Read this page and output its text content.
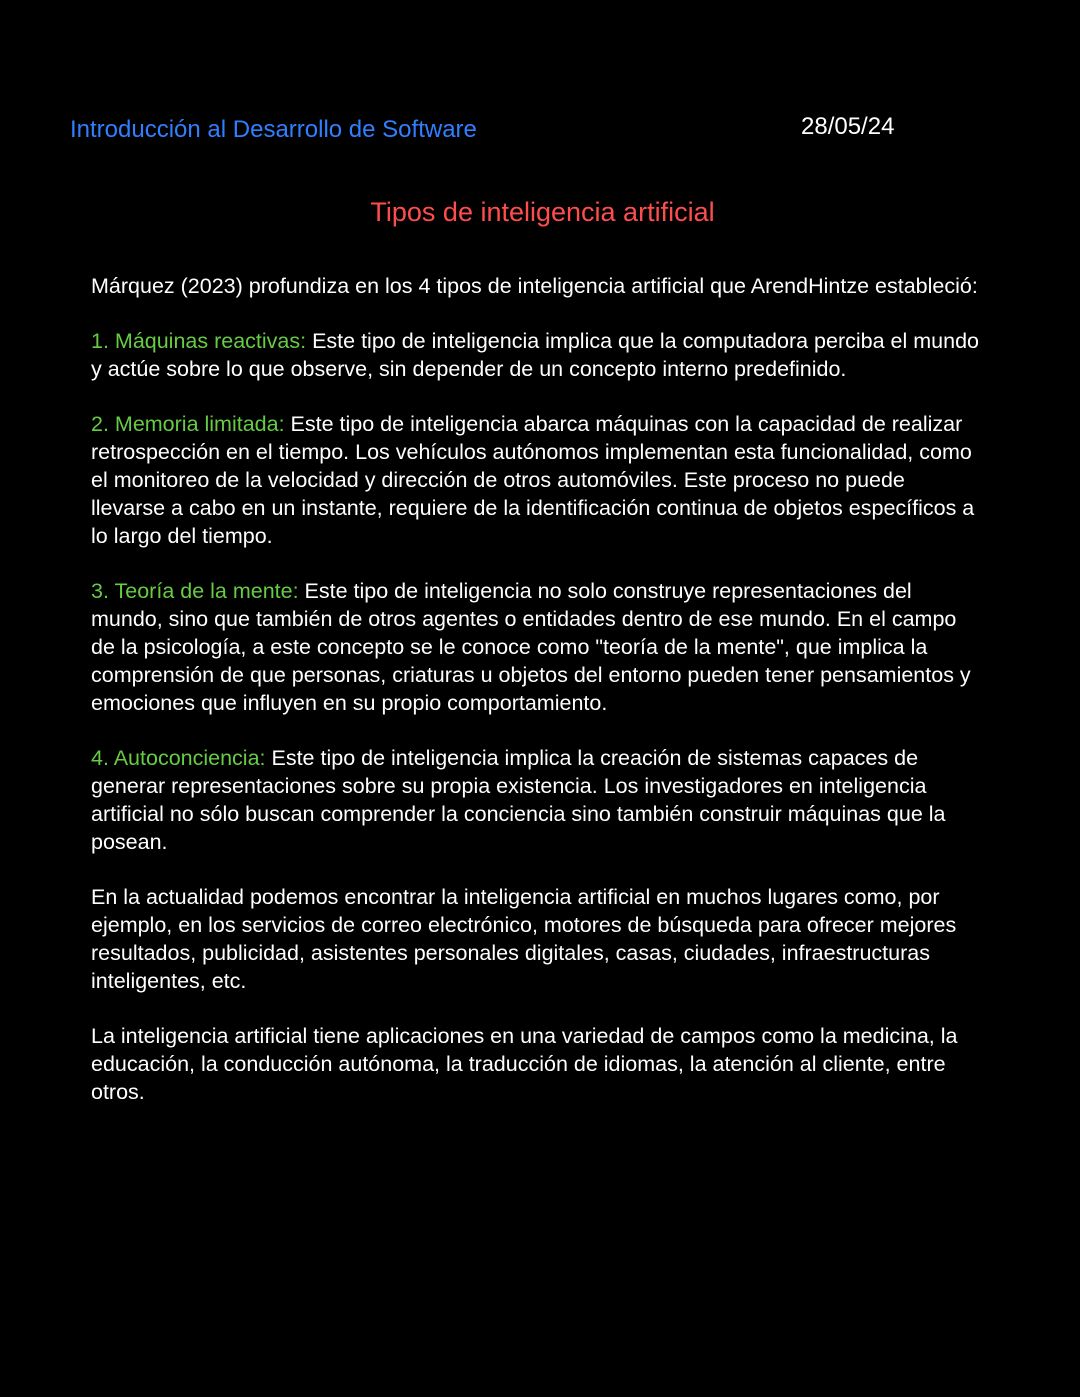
Introducción al Desarrollo de Software	28/05/24
Tipos de inteligencia artificial

Márquez (2023) profundiza en los 4 tipos de inteligencia artificial que ArendHintze estableció:

1. Máquinas reactivas: Este tipo de inteligencia implica que la computadora perciba el mundo y actúe sobre lo que observe, sin depender de un concepto interno predefinido.

2. Memoria limitada: Este tipo de inteligencia abarca máquinas con la capacidad de realizar retrospección en el tiempo. Los vehículos autónomos implementan esta funcionalidad, como el monitoreo de la velocidad y dirección de otros automóviles. Este proceso no puede llevarse a cabo en un instante, requiere de la identificación continua de objetos específicos a lo largo del tiempo.

3. Teoría de la mente: Este tipo de inteligencia no solo construye representaciones del mundo, sino que también de otros agentes o entidades dentro de ese mundo. En el campo de la psicología, a este concepto se le conoce como "teoría de la mente", que implica la comprensión de que personas, criaturas u objetos del entorno pueden tener pensamientos y emociones que influyen en su propio comportamiento.

4. Autoconciencia: Este tipo de inteligencia implica la creación de sistemas capaces de generar representaciones sobre su propia existencia. Los investigadores en inteligencia artificial no sólo buscan comprender la conciencia sino también construir máquinas que la posean.

En la actualidad podemos encontrar la inteligencia artificial en muchos lugares como, por ejemplo, en los servicios de correo electrónico, motores de búsqueda para ofrecer mejores resultados, publicidad, asistentes personales digitales, casas, ciudades, infraestructuras inteligentes, etc.

La inteligencia artificial tiene aplicaciones en una variedad de campos como la medicina, la educación, la conducción autónoma, la traducción de idiomas, la atención al cliente, entre otros.
